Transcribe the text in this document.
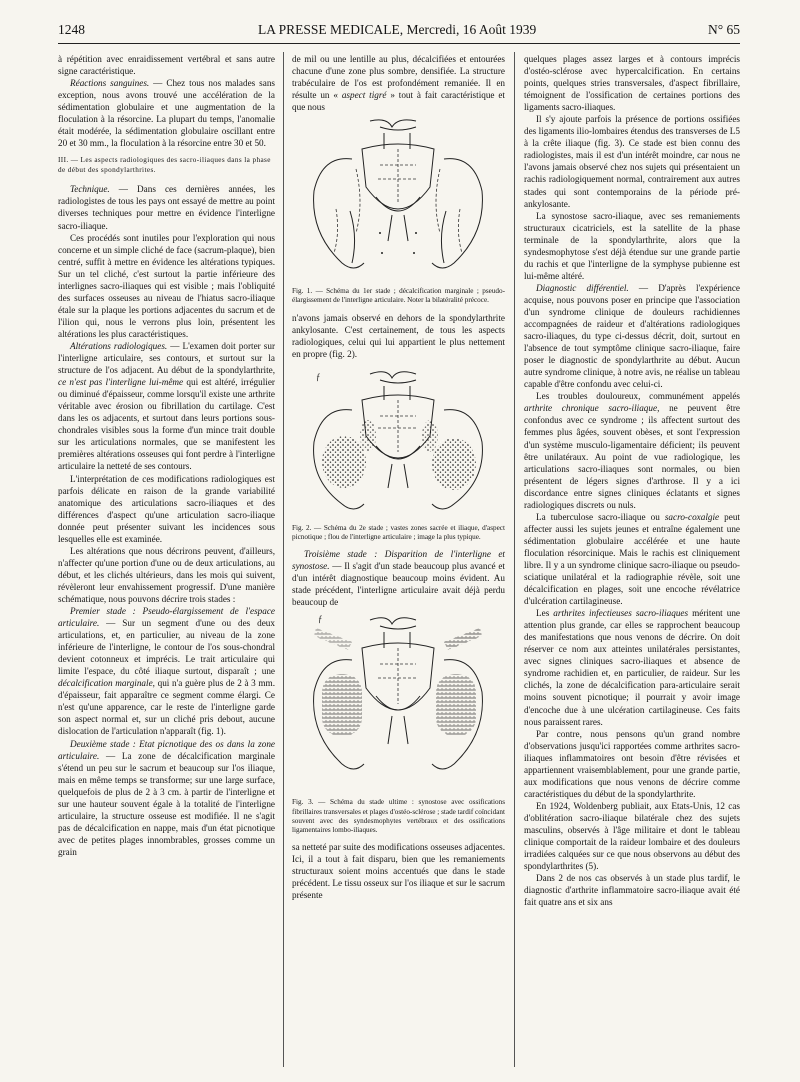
1248	LA PRESSE MEDICALE, Mercredi, 16 Août 1939	N° 65

à répétition avec enraidissement vertébral et sans autre signe caractéristique.

Réactions sanguines. — Chez tous nos malades sans exception, nous avons trouvé une accélération de la sédimentation globulaire et une augmentation de la floculation à la résorcine. La plupart du temps, l'anomalie était modérée, la sédimentation globulaire oscillant entre 20 et 30 mm., la floculation à la résorcine entre 30 et 50.

III. — Les aspects radiologiques des sacro-iliaques dans la phase de début des spondylarthrites.

Technique. — Dans ces dernières années, les radiologistes de tous les pays ont essayé de mettre au point diverses techniques pour mettre en évidence l'interligne sacro-iliaque.

Ces procédés sont inutiles pour l'exploration qui nous concerne et un simple cliché de face (sacrum-plaque), bien centré, suffit à mettre en évidence les altérations typiques. Sur un tel cliché, c'est surtout la partie inférieure des interlignes sacro-iliaques qui est visible ; mais l'obliquité des surfaces osseuses au niveau de l'hiatus sacro-iliaque étale sur la plaque les portions adjacentes du sacrum et de l'ilion qui, nous le verrons plus loin, présentent les altérations les plus caractéristiques.

Altérations radiologiques. — L'examen doit porter sur l'interligne articulaire, ses contours, et surtout sur la structure de l'os adjacent. Au début de la spondylarthrite, ce n'est pas l'interligne lui-même qui est altéré, irrégulier ou diminué d'épaisseur, comme lorsqu'il existe une arthrite véritable avec érosion ou fibrillation du cartilage. C'est dans les os adjacents, et surtout dans leurs portions sous-chondrales visibles sous la forme d'un mince trait double sur les articulations normales, que se manifestent les premières altérations osseuses qui font perdre à l'interligne articulaire la netteté de ses contours.

L'interprétation de ces modifications radiologiques est parfois délicate en raison de la grande variabilité anatomique des articulations sacro-iliaques et des différences d'aspect qu'une articulation sacro-iliaque donnée peut présenter suivant les incidences sous lesquelles elle est examinée.

Les altérations que nous décrirons peuvent, d'ailleurs, n'affecter qu'une portion d'une ou de deux articulations, au début, et les clichés ultérieurs, dans les mois qui suivent, révèleront leur envahissement progressif. D'une manière schématique, nous pouvons décrire trois stades :

Premier stade : Pseudo-élargissement de l'espace articulaire. — Sur un segment d'une ou des deux articulations, et, en particulier, au niveau de la zone inférieure de l'interligne, le contour de l'os sous-chondral devient cotonneux et imprécis. Le trait articulaire qui limite l'espace, du côté iliaque surtout, disparaît ; une décalcification marginale, qui n'a guère plus de 2 à 3 mm. d'épaisseur, fait apparaître ce segment comme élargi. Ce n'est qu'une apparence, car le reste de l'interligne garde son aspect normal et, sur un cliché pris debout, aucune dislocation de l'articulation n'apparaît (fig. 1).

Deuxième stade : Etat picnotique des os dans la zone articulaire. — La zone de décalcification marginale s'étend un peu sur le sacrum et beaucoup sur l'os iliaque, mais en même temps se transforme; sur une large surface, quelquefois de plus de 2 à 3 cm. à partir de l'interligne et sur une hauteur souvent égale à la totalité de l'interligne articulaire, la structure osseuse est modifiée. Il ne s'agit pas de décalcification en nappe, mais d'un état picnotique avec de petites plages innombrables, grosses comme un grain

de mil ou une lentille au plus, décalcifiées et entourées chacune d'une zone plus sombre, densifiée. La structure trabéculaire de l'os est profondément remaniée. Il en résulte un « aspect tigré » tout à fait caractéristique et que nous

Fig. 1. — Schéma du 1er stade ; décalcification marginale ; pseudo-élargissement de l'interligne articulaire. Noter la bilatéralité précoce.

n'avons jamais observé en dehors de la spondylarthrite ankylosante. C'est certainement, de tous les aspects radiologiques, celui qui lui appartient le plus nettement en propre (fig. 2).

ƒ
Fig. 2. — Schéma du 2e stade ; vastes zones sacrée et iliaque, d'aspect picnotique ; flou de l'interligne articulaire ; image la plus typique.

Troisième stade : Disparition de l'interligne et synostose. — Il s'agit d'un stade beaucoup plus avancé et d'un intérêt diagnostique beaucoup moins évident. Au stade précédent, l'interligne articulaire avait déjà perdu beaucoup de

ƒ
Fig. 3. — Schéma du stade ultime : synostose avec ossifications fibrillaires transversales et plages d'ostéo-sclérose ; stade tardif coïncidant souvent avec des syndesmophytes vertébraux et des ossifications ligamentaires lombo-iliaques.

sa netteté par suite des modifications osseuses adjacentes. Ici, il a tout à fait disparu, bien que les remaniements structuraux soient moins accentués que dans le stade précédent. Le tissu osseux sur l'os iliaque et sur le sacrum présente

quelques plages assez larges et à contours imprécis d'ostéo-sclérose avec hypercalcification. En certains points, quelques stries transversales, d'aspect fibrillaire, témoignent de l'ossification de certaines portions des ligaments sacro-iliaques.

Il s'y ajoute parfois la présence de portions ossifiées des ligaments ilio-lombaires étendus des transverses de L5 à la crête iliaque (fig. 3). Ce stade est bien connu des radiologistes, mais il est d'un intérêt moindre, car nous ne l'avons jamais observé chez nos sujets qui présentaient un rachis radiologiquement normal, contrairement aux autres stades qui sont contemporains de la période pré-ankylosante.

La synostose sacro-iliaque, avec ses remaniements structuraux cicatriciels, est la satellite de la phase terminale de la spondylarthrite, alors que la syndesmophytose s'est déjà étendue sur une grande partie du rachis et que l'interligne de la symphyse pubienne est lui-même altéré.

Diagnostic différentiel. — D'après l'expérience acquise, nous pouvons poser en principe que l'association d'un syndrome clinique de douleurs rachidiennes accompagnées de raideur et d'altérations radiologiques sacro-iliaques, du type ci-dessus décrit, doit, surtout en l'absence de tout symptôme clinique sacro-iliaque, faire poser le diagnostic de spondylarthrite au début. Aucun autre syndrome clinique, à notre avis, ne réalise un tableau capable d'être confondu avec celui-ci.

Les troubles douloureux, communément appelés arthrite chronique sacro-iliaque, ne peuvent être confondus avec ce syndrome ; ils affectent surtout des femmes plus âgées, souvent obèses, et sont l'expression d'un système musculo-ligamentaire déficient; ils peuvent être unilatéraux. Au point de vue radiologique, les articulations sacro-iliaques sont normales, ou bien présentent de légers signes d'arthrose. Il y a ici discordance entre signes cliniques éclatants et signes radiologiques discrets ou nuls.

La tuberculose sacro-iliaque ou sacro-coxalgie peut affecter aussi les sujets jeunes et entraîne également une sédimentation globulaire accélérée et une haute floculation résorcinique. Mais le rachis est cliniquement libre. Il y a un syndrome clinique sacro-iliaque ou pseudo-sciatique unilatéral et la radiographie révèle, soit une décalcification en plages, soit une encoche révélatrice d'ulcération cartilagineuse.

Les arthrites infectieuses sacro-iliaques méritent une attention plus grande, car elles se rapprochent beaucoup des manifestations que nous venons de décrire. On doit réserver ce nom aux atteintes unilatérales persistantes, avec signes cliniques sacro-iliaques et absence de syndrome rachidien et, en particulier, de raideur. Sur les clichés, la zone de décalcification para-articulaire serait moins souvent picnotique; il pourrait y avoir image d'encoche due à une ulcération cartilagineuse. Ces faits nous paraissent rares.

Par contre, nous pensons qu'un grand nombre d'observations jusqu'ici rapportées comme arthrites sacro-iliaques inflammatoires ont besoin d'être révisées et appartiennent vraisemblablement, pour une grande partie, aux modifications que nous venons de décrire comme caractéristiques du début de la spondylarthrite.

En 1924, Woldenberg publiait, aux Etats-Unis, 12 cas d'oblitération sacro-iliaque bilatérale chez des sujets masculins, observés à l'âge militaire et dont le tableau clinique comportait de la raideur lombaire et des douleurs irradiées calquées sur ce que nous observons au début des spondylarthrites (5).

Dans 2 de nos cas observés à un stade plus tardif, le diagnostic d'arthrite inflammatoire sacro-iliaque avait été fait quatre ans et six ans
